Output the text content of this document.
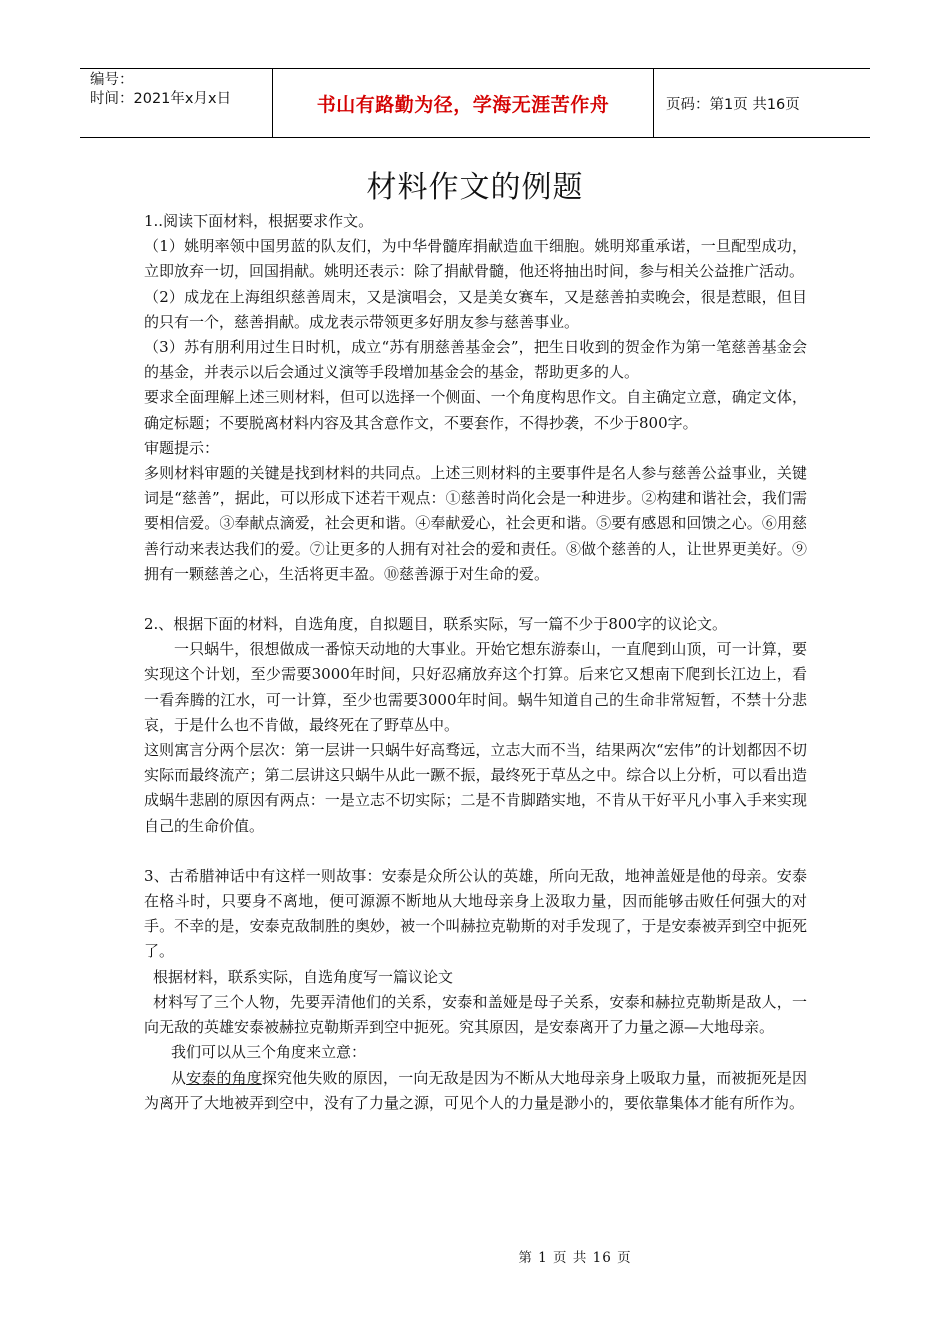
编号：
时间：2021年x月x日	书山有路勤为径，学海无涯苦作舟	页码：第1页 共16页
材料作文的例题

1..阅读下面材料，根据要求作文。

（1）姚明率领中国男蓝的队友们，为中华骨髓库捐献造血干细胞。姚明郑重承诺，一旦配型成功，立即放弃一切，回国捐献。姚明还表示：除了捐献骨髓，他还将抽出时间，参与相关公益推广活动。

（2）成龙在上海组织慈善周末，又是演唱会，又是美女赛车，又是慈善拍卖晚会，很是惹眼，但目的只有一个，慈善捐献。成龙表示带领更多好朋友参与慈善事业。

（3）苏有朋利用过生日时机，成立“苏有朋慈善基金会”，把生日收到的贺金作为第一笔慈善基金会的基金，并表示以后会通过义演等手段增加基金会的基金，帮助更多的人。

要求全面理解上述三则材料，但可以选择一个侧面、一个角度构思作文。自主确定立意，确定文体，确定标题；不要脱离材料内容及其含意作文，不要套作，不得抄袭，不少于800字。

审题提示：

多则材料审题的关键是找到材料的共同点。上述三则材料的主要事件是名人参与慈善公益事业，关键词是“慈善”，据此，可以形成下述若干观点：①慈善时尚化会是一种进步。②构建和谐社会，我们需要相信爱。③奉献点滴爱，社会更和谐。④奉献爱心，社会更和谐。⑤要有感恩和回馈之心。⑥用慈善行动来表达我们的爱。⑦让更多的人拥有对社会的爱和责任。⑧做个慈善的人，让世界更美好。⑨拥有一颗慈善之心，生活将更丰盈。⑩慈善源于对生命的爱。

2.、根据下面的材料，自选角度，自拟题目，联系实际，写一篇不少于800字的议论文。

一只蜗牛，很想做成一番惊天动地的大事业。开始它想东游泰山，一直爬到山顶，可一计算，要实现这个计划，至少需要3000年时间，只好忍痛放弃这个打算。后来它又想南下爬到长江边上，看一看奔腾的江水，可一计算，至少也需要3000年时间。蜗牛知道自己的生命非常短暂，不禁十分悲哀，于是什么也不肯做，最终死在了野草丛中。

这则寓言分两个层次：第一层讲一只蜗牛好高骛远，立志大而不当，结果两次“宏伟”的计划都因不切实际而最终流产；第二层讲这只蜗牛从此一蹶不振，最终死于草丛之中。综合以上分析，可以看出造成蜗牛悲剧的原因有两点：一是立志不切实际；二是不肯脚踏实地，不肯从干好平凡小事入手来实现自己的生命价值。

3、古希腊神话中有这样一则故事：安泰是众所公认的英雄，所向无敌，地神盖娅是他的母亲。安泰在格斗时，只要身不离地，便可源源不断地从大地母亲身上汲取力量，因而能够击败任何强大的对手。不幸的是，安泰克敌制胜的奥妙，被一个叫赫拉克勒斯的对手发现了，于是安泰被弄到空中扼死了。

根据材料，联系实际，自选角度写一篇议论文

材料写了三个人物，先要弄清他们的关系，安泰和盖娅是母子关系，安泰和赫拉克勒斯是敌人，一向无敌的英雄安泰被赫拉克勒斯弄到空中扼死。究其原因，是安泰离开了力量之源—大地母亲。

我们可以从三个角度来立意：

从安泰的角度探究他失败的原因，一向无敌是因为不断从大地母亲身上吸取力量，而被扼死是因为离开了大地被弄到空中，没有了力量之源，可见个人的力量是渺小的，要依靠集体才能有所作为。

第 1 页 共 16 页
